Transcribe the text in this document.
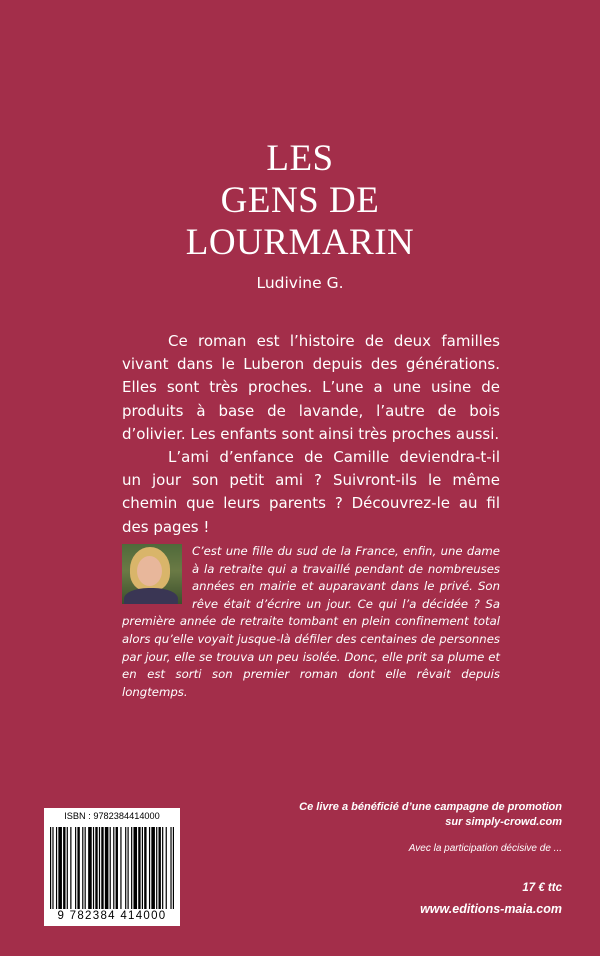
LES
GENS DE
LOURMARIN
Ludivine G.

Ce roman est l’histoire de deux familles vivant dans le Luberon depuis des générations. Elles sont très proches. L’une a une usine de produits à base de lavande, l’autre de bois d’olivier. Les enfants sont ainsi très proches aussi.

L’ami d’enfance de Camille deviendra-t-il un jour son petit ami ? Suivront-ils le même chemin que leurs parents ? Découvrez-le au fil des pages !

C’est une fille du sud de la France, enfin, une dame à la retraite qui a travaillé pendant de nombreuses années en mairie et auparavant dans le privé. Son rêve était d’écrire un jour. Ce qui l’a décidée ? Sa première année de retraite tombant en plein confinement total alors qu’elle voyait jusque-là défiler des centaines de personnes par jour, elle se trouva un peu isolée. Donc, elle prit sa plume et en est sorti son premier roman dont elle rêvait depuis longtemps.

ISBN : 9782384414000
9 782384 414000
Ce livre a bénéficié d’une campagne de promotion
sur simply-crowd.com
Avec la participation décisive de ...
17 € ttc
www.editions-maia.com
